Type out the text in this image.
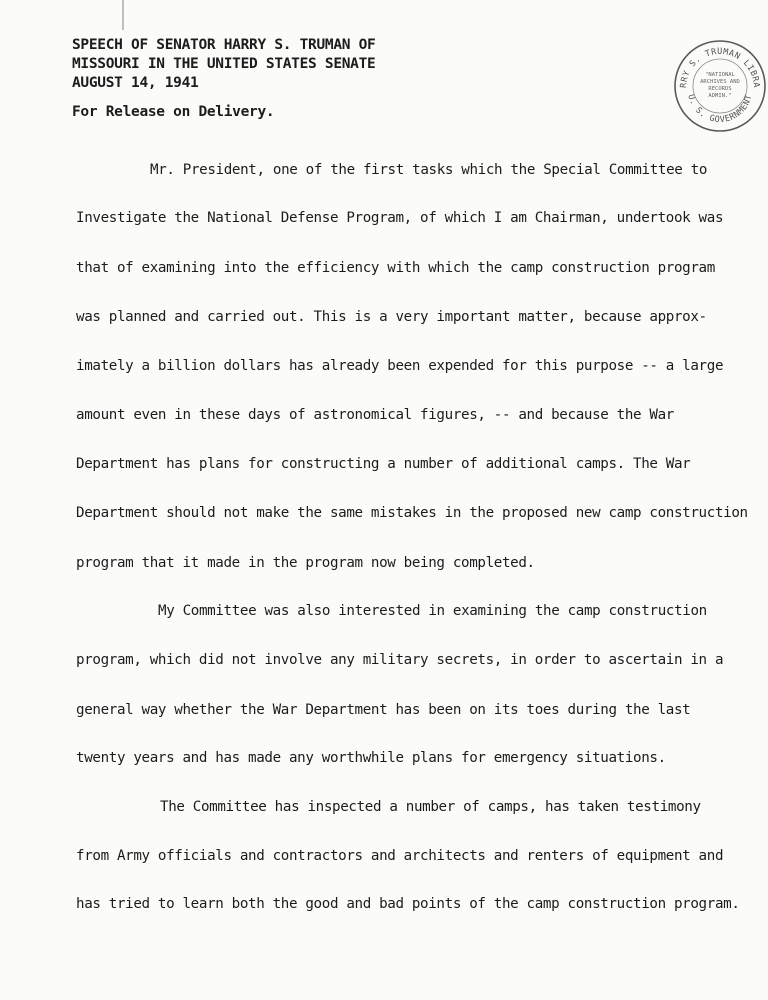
SPEECH OF SENATOR HARRY S. TRUMAN OF
MISSOURI IN THE UNITED STATES SENATE
AUGUST 14, 1941
For Release on Delivery.
RRY S. TRUMAN LIBRA
U. S. GOVERNMENT
"NATIONAL
ARCHIVES AND
RECORDS
ADMIN."
Mr. President, one of the first tasks which the Special Committee to
Investigate the National Defense Program, of which I am Chairman, undertook was
that of examining into the efficiency with which the camp construction program
was planned and carried out. This is a very important matter, because approx-
imately a billion dollars has already been expended for this purpose -- a large
amount even in these days of astronomical figures, -- and because the War
Department has plans for constructing a number of additional camps. The War
Department should not make the same mistakes in the proposed new camp construction
program that it made in the program now being completed.
My Committee was also interested in examining the camp construction
program, which did not involve any military secrets, in order to ascertain in a
general way whether the War Department has been on its toes during the last
twenty years and has made any worthwhile plans for emergency situations.
The Committee has inspected a number of camps, has taken testimony
from Army officials and contractors and architects and renters of equipment and
has tried to learn both the good and bad points of the camp construction program.
